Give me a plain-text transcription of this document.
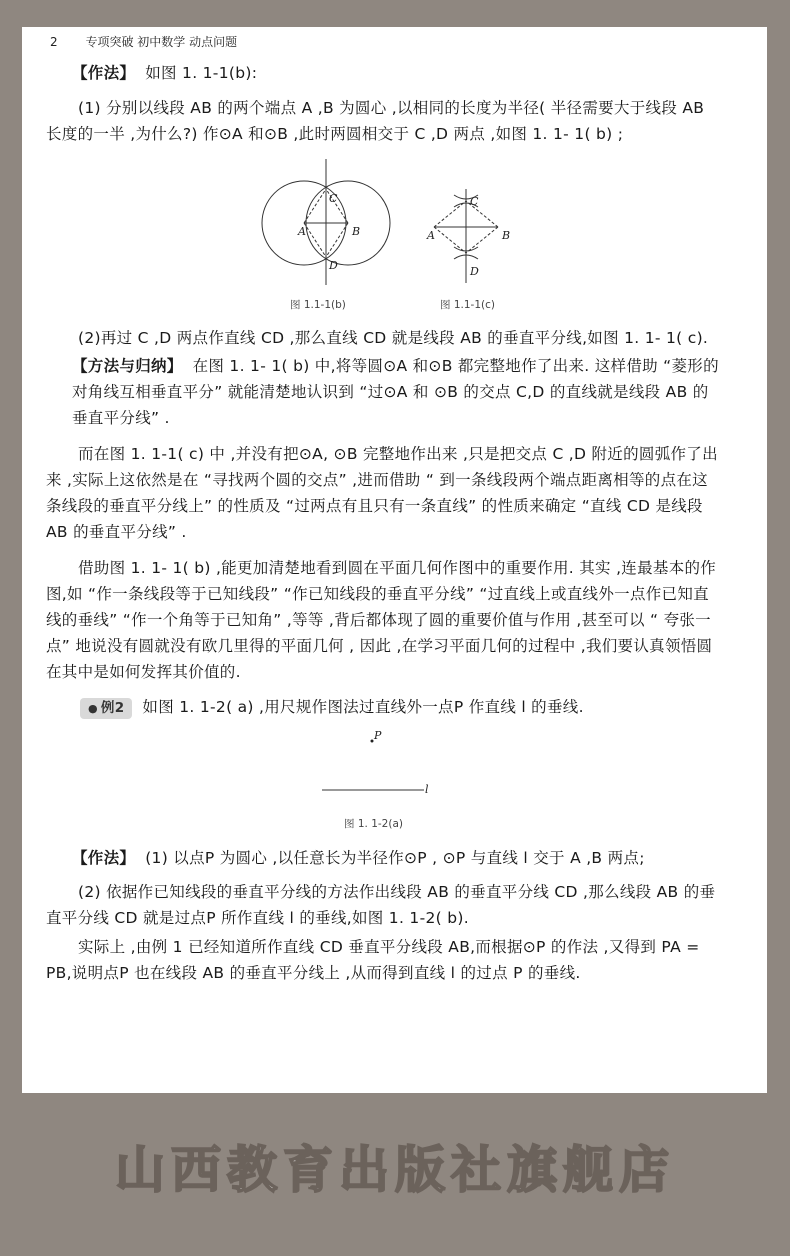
2 专项突破 初中数学 动点问题
【作法】 如图 1. 1-1(b):
(1) 分别以线段 AB 的两个端点 A ,B 为圆心 ,以相同的长度为半径( 半径需要大于线段 AB 长度的一半 ,为什么?) 作⊙A 和⊙B ,此时两圆相交于 C ,D 两点 ,如图 1. 1- 1( b) ;
A	B
C
D
A	B
C
D
图 1.1-1(b)	图 1.1-1(c)
(2)再过 C ,D 两点作直线 CD ,那么直线 CD 就是线段 AB 的垂直平分线,如图 1. 1- 1( c).
【方法与归纳】 在图 1. 1- 1( b) 中,将等圆⊙A 和⊙B 都完整地作了出来. 这样借助 “菱形的对角线互相垂直平分” 就能清楚地认识到 “过⊙A 和 ⊙B 的交点 C,D 的直线就是线段 AB 的垂直平分线” .
而在图 1. 1-1( c) 中 ,并没有把⊙A, ⊙B 完整地作出来 ,只是把交点 C ,D 附近的圆弧作了出来 ,实际上这依然是在 “寻找两个圆的交点” ,进而借助 “ 到一条线段两个端点距离相等的点在这条线段的垂直平分线上” 的性质及 “过两点有且只有一条直线” 的性质来确定 “直线 CD 是线段 AB 的垂直平分线” .
借助图 1. 1- 1( b) ,能更加清楚地看到圆在平面几何作图中的重要作用. 其实 ,连最基本的作图,如 “作一条线段等于已知线段” “作已知线段的垂直平分线” “过直线上或直线外一点作已知直线的垂线” “作一个角等于已知角” ,等等 ,背后都体现了圆的重要价值与作用 ,甚至可以 “ 夸张一点” 地说没有圆就没有欧几里得的平面几何 , 因此 ,在学习平面几何的过程中 ,我们要认真领悟圆在其中是如何发挥其价值的.
● 例2 如图 1. 1-2( a) ,用尺规作图法过直线外一点P 作直线 l 的垂线.
P
l
图 1. 1-2(a)
【作法】 (1) 以点P 为圆心 ,以任意长为半径作⊙P , ⊙P 与直线 l 交于 A ,B 两点;
(2) 依据作已知线段的垂直平分线的方法作出线段 AB 的垂直平分线 CD ,那么线段 AB 的垂直平分线 CD 就是过点P 所作直线 l 的垂线,如图 1. 1-2( b).
实际上 ,由例 1 已经知道所作直线 CD 垂直平分线段 AB,而根据⊙P 的作法 ,又得到 PA = PB,说明点P 也在线段 AB 的垂直平分线上 ,从而得到直线 l 的过点 P 的垂线.
山西教育出版社旗舰店
